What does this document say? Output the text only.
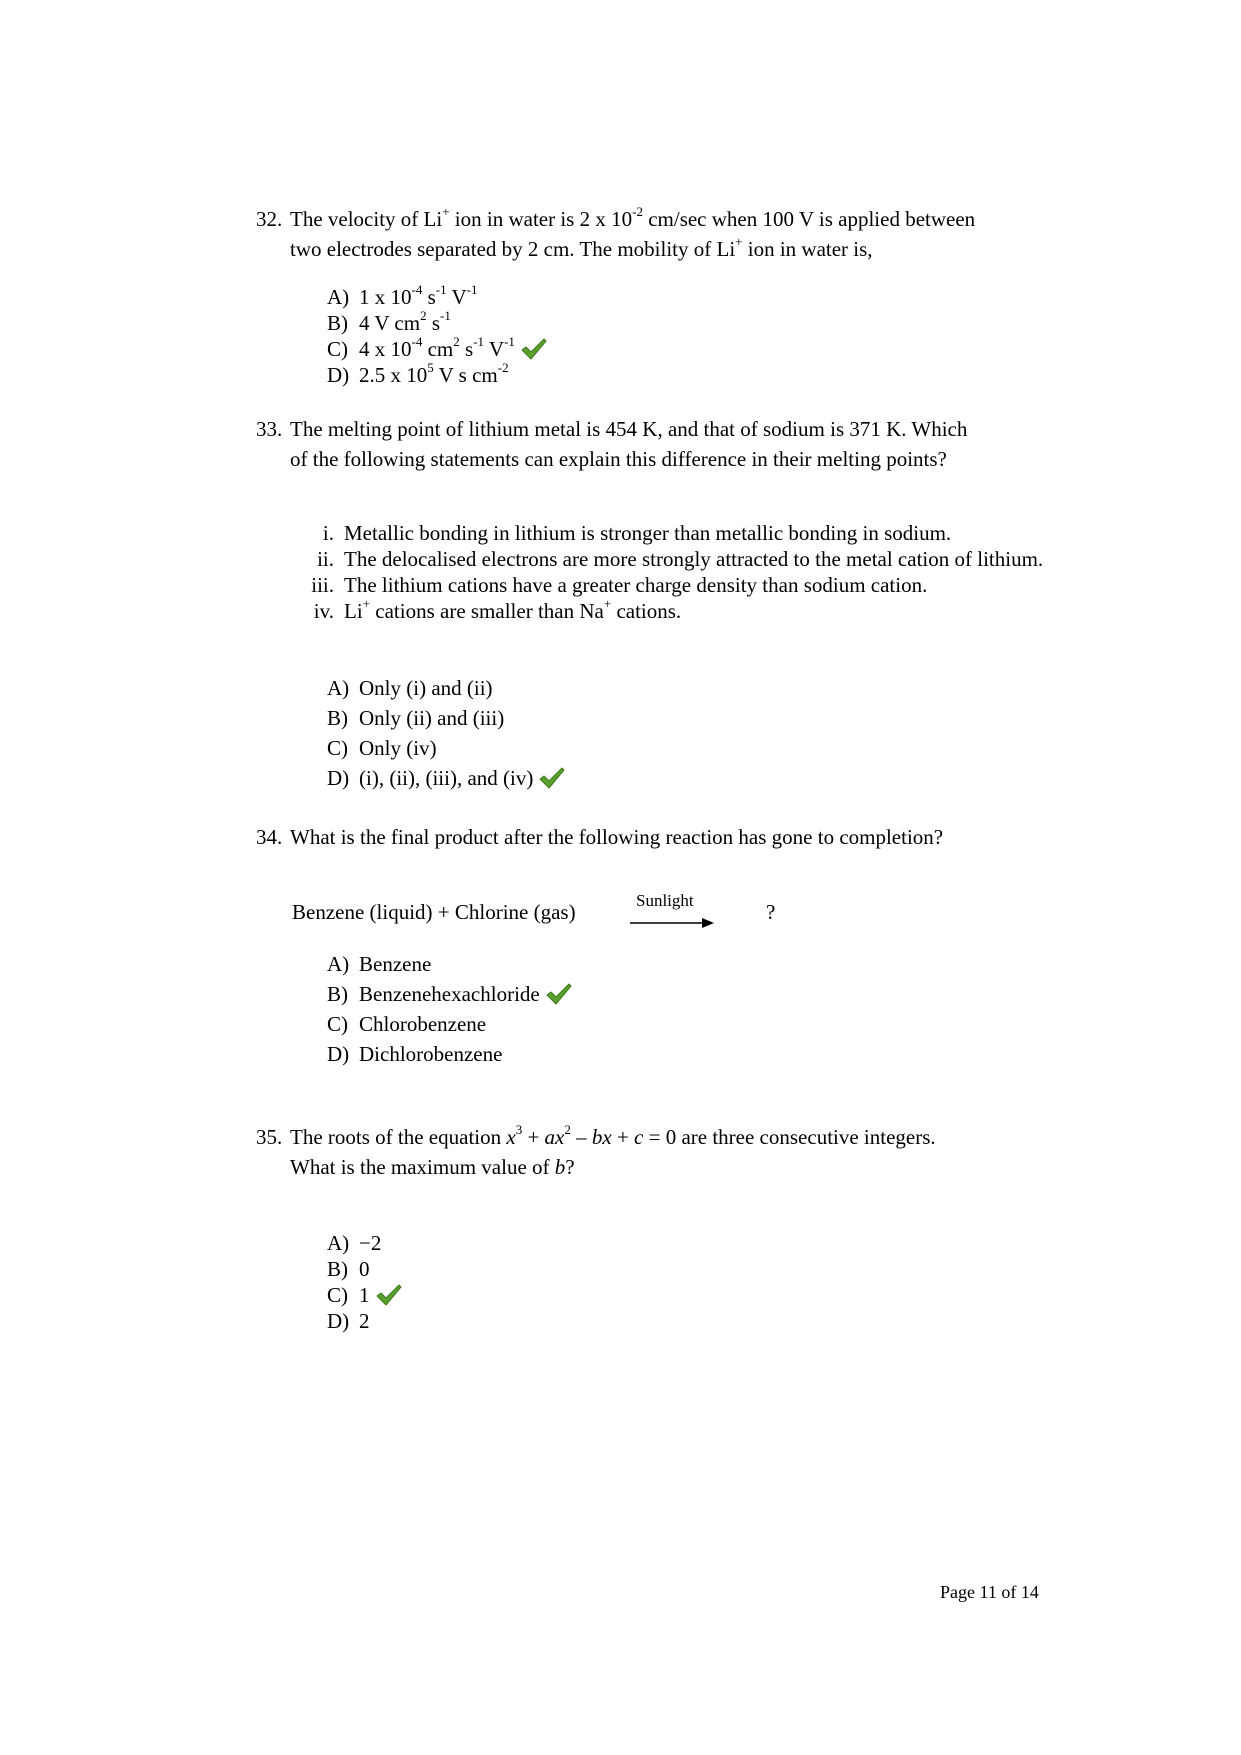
32. The velocity of Li+ ion in water is 2 x $10^{-2}$ cm/sec when 100 V is applied between
two electrodes separated by 2 cm. The mobility of Li+ ion in water is,
A) 1 x $10^{-4}$ $s^{-1}$ $V^{-1}$
B) 4 V $cm^2$ $s^{-1}$
C) 4 x $10^{-4}$ $cm^2$ $s^{-1}$ $V^{-1}$
D) 2.5 x $10^5$ V s $cm^{-2}$
33. The melting point of lithium metal is 454 K, and that of sodium is 371 K. Which
of the following statements can explain this difference in their melting points?
i. Metallic bonding in lithium is stronger than metallic bonding in sodium.
ii. The delocalised electrons are more strongly attracted to the metal cation of lithium.
iii. The lithium cations have a greater charge density than sodium cation.
iv. Li+ cations are smaller than Na+ cations.
A) Only (i) and (ii)
B) Only (ii) and (iii)
C) Only (iv)
D) (i), (ii), (iii), and (iv)
34. What is the final product after the following reaction has gone to completion?
Benzene (liquid) + Chlorine (gas)	Sunlight	?
A) Benzene
B) Benzenehexachloride
C) Chlorobenzene
D) Dichlorobenzene
35. The roots of the equation $x^3 + ax^2$ – bx + c = 0 are three consecutive integers.
What is the maximum value of b?
A) −2
B) 0
C) 1
D) 2
Page 11 of 14
